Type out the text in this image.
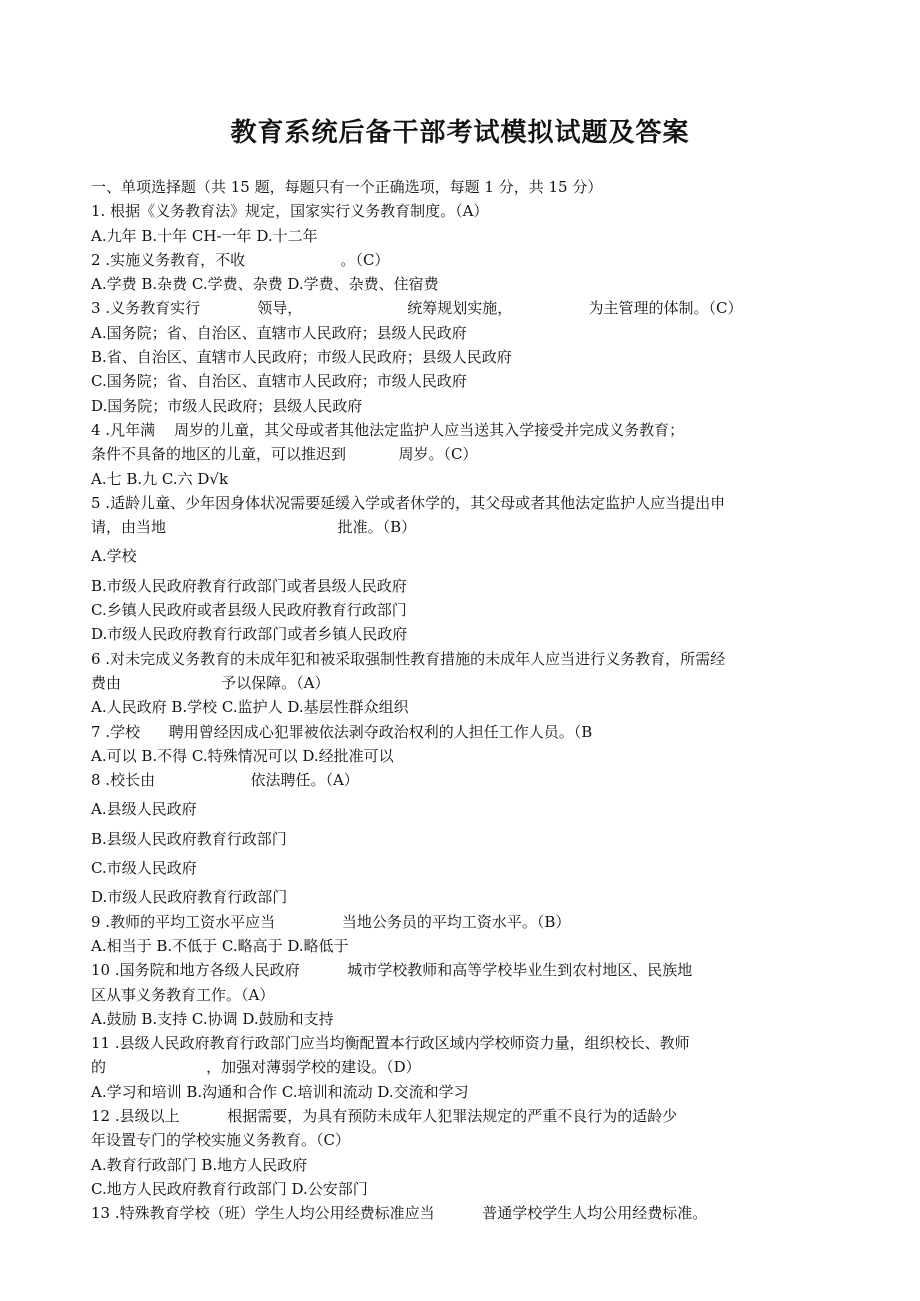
教育系统后备干部考试模拟试题及答案
一、单项选择题（共 15 题，每题只有一个正确选项，每题 1 分，共 15 分）
1. 根据《义务教育法》规定，国家实行义务教育制度。（A）
A.九年 B.十年 CH-一年 D.十二年
2 .实施义务教育，不收                    。（C）
A.学费 B.杂费 C.学费、杂费 D.学费、杂费、住宿费
3 .义务教育实行            领导，                      统筹规划实施，                为主管理的体制。（C）
A.国务院；省、自治区、直辖市人民政府；县级人民政府
B.省、自治区、直辖市人民政府；市级人民政府；县级人民政府
C.国务院；省、自治区、直辖市人民政府；市级人民政府
D.国务院；市级人民政府；县级人民政府
4 .凡年满    周岁的儿童，其父母或者其他法定监护人应当送其入学接受并完成义务教育；
条件不具备的地区的儿童，可以推迟到           周岁。（C）
A.七 B.九 C.六 D√k
5 .适龄儿童、少年因身体状况需要延缓入学或者休学的，其父母或者其他法定监护人应当提出申
请，由当地                                    批准。（B）
A.学校
B.市级人民政府教育行政部门或者县级人民政府
C.乡镇人民政府或者县级人民政府教育行政部门
D.市级人民政府教育行政部门或者乡镇人民政府
6 .对未完成义务教育的未成年犯和被采取强制性教育措施的未成年人应当进行义务教育，所需经
费由                     予以保障。（A）
A.人民政府 B.学校 C.监护人 D.基层性群众组织
7 .学校      聘用曾经因成心犯罪被依法剥夺政治权利的人担任工作人员。（B
A.可以 B.不得 C.特殊情况可以 D.经批准可以
8 .校长由                    依法聘任。（A）
A.县级人民政府
B.县级人民政府教育行政部门
C.市级人民政府
D.市级人民政府教育行政部门
9 .教师的平均工资水平应当              当地公务员的平均工资水平。（B）
A.相当于 B.不低于 C.略高于 D.略低于
10 .国务院和地方各级人民政府          城市学校教师和高等学校毕业生到农村地区、民族地
区从事义务教育工作。（A）
A.鼓励 B.支持 C.协调 D.鼓励和支持
11 .县级人民政府教育行政部门应当均衡配置本行政区域内学校师资力量，组织校长、教师
的                     ，加强对薄弱学校的建设。（D）
A.学习和培训 B.沟通和合作 C.培训和流动 D.交流和学习
12 .县级以上          根据需要，为具有预防未成年人犯罪法规定的严重不良行为的适龄少
年设置专门的学校实施义务教育。（C）
A.教育行政部门 B.地方人民政府
C.地方人民政府教育行政部门 D.公安部门
13 .特殊教育学校（班）学生人均公用经费标准应当          普通学校学生人均公用经费标准。
